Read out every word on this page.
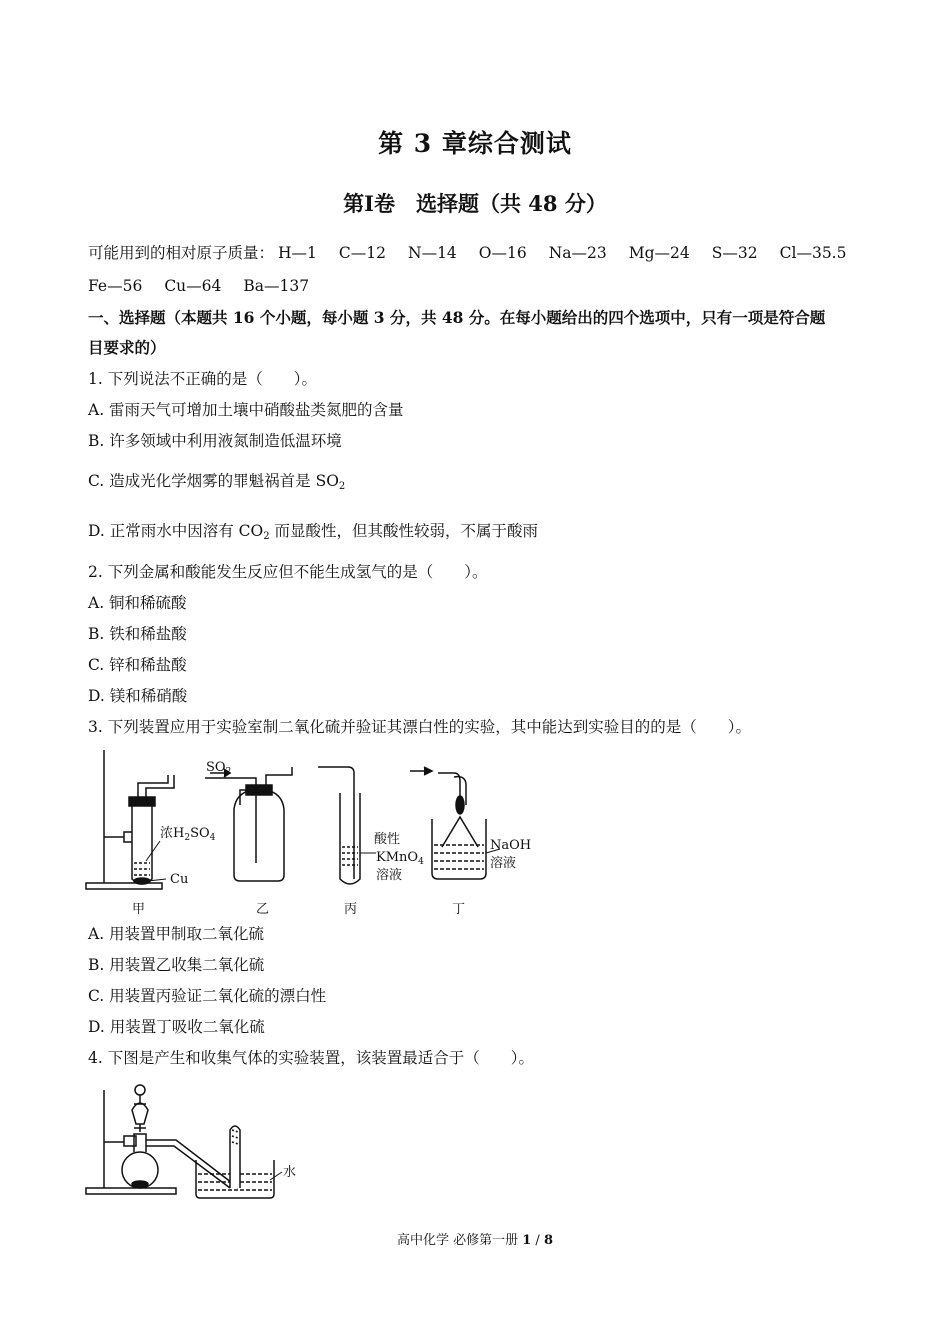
第 3 章综合测试
第Ⅰ卷　选择题（共 48 分）
可能用到的相对原子质量： H—1 C—12 N—14 O—16 Na—23 Mg—24 S—32 Cl—35.5
Fe—56 Cu—64 Ba—137
一、选择题（本题共 16 个小题，每小题 3 分，共 48 分。在每小题给出的四个选项中，只有一项是符合题
目要求的）
1. 下列说法不正确的是（　　）。
A. 雷雨天气可增加土壤中硝酸盐类氮肥的含量
B. 许多领域中利用液氮制造低温环境
C. 造成光化学烟雾的罪魁祸首是 $SO_2$
D. 正常雨水中因溶有 $CO_2$ 而显酸性，但其酸性较弱，不属于酸雨
2. 下列金属和酸能发生反应但不能生成氢气的是（　　）。
A. 铜和稀硫酸
B. 铁和稀盐酸
C. 锌和稀盐酸
D. 镁和稀硝酸
3. 下列装置应用于实验室制二氧化硫并验证其漂白性的实验，其中能达到实验目的的是（　　）。
浓$H_2SO_4$
Cu
$SO_2$
酸性
KMnO$_4$
溶液
NaOH
溶液
甲	乙	丙	丁
A. 用装置甲制取二氧化硫
B. 用装置乙收集二氧化硫
C. 用装置丙验证二氧化硫的漂白性
D. 用装置丁吸收二氧化硫
4. 下图是产生和收集气体的实验装置，该装置最适合于（　　）。
水
高中化学 必修第一册 1 / 8
